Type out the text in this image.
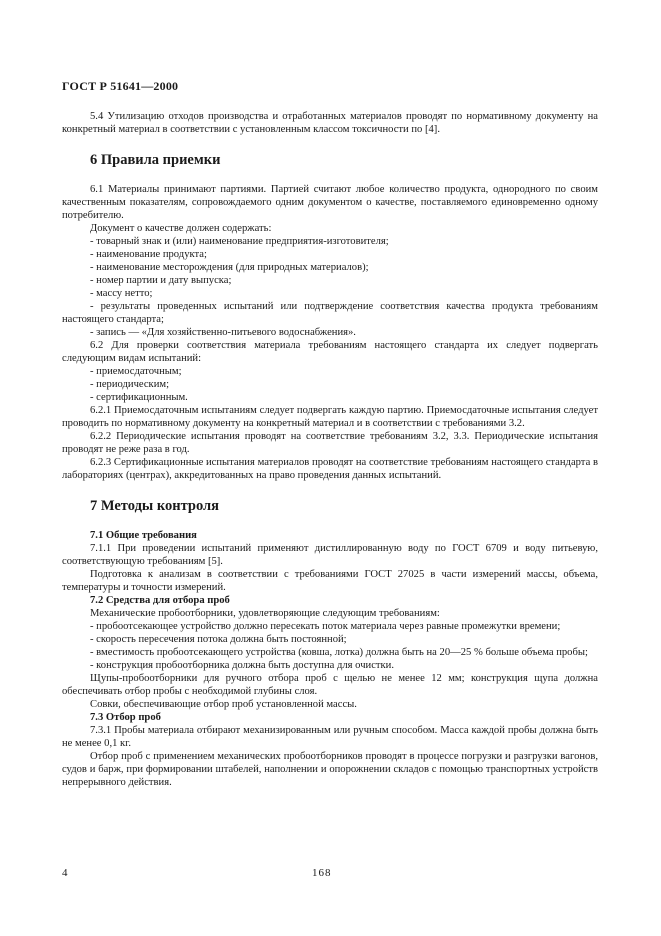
ГОСТ Р 51641—2000

5.4 Утилизацию отходов производства и отработанных материалов проводят по нормативному документу на конкретный материал в соответствии с установленным классом токсичности по [4].

6 Правила приемки

6.1 Материалы принимают партиями. Партией считают любое количество продукта, однородного по своим качественным показателям, сопровождаемого одним документом о качестве, поставляемого единовременно одному потребителю.

Документ о качестве должен содержать:

- товарный знак и (или) наименование предприятия-изготовителя;

- наименование продукта;

- наименование месторождения (для природных материалов);

- номер партии и дату выпуска;

- массу нетто;

- результаты проведенных испытаний или подтверждение соответствия качества продукта требованиям настоящего стандарта;

- запись — «Для хозяйственно-питьевого водоснабжения».

6.2 Для проверки соответствия материала требованиям настоящего стандарта их следует подвергать следующим видам испытаний:

- приемосдаточным;

- периодическим;

- сертификационным.

6.2.1 Приемосдаточным испытаниям следует подвергать каждую партию. Приемосдаточные испытания следует проводить по нормативному документу на конкретный материал и в соответствии с требованиями 3.2.

6.2.2 Периодические испытания проводят на соответствие требованиям 3.2, 3.3. Периодические испытания проводят не реже раза в год.

6.2.3 Сертификационные испытания материалов проводят на соответствие требованиям настоящего стандарта в лабораториях (центрах), аккредитованных на право проведения данных испытаний.

7 Методы контроля

7.1 Общие требования

7.1.1 При проведении испытаний применяют дистиллированную воду по ГОСТ 6709 и воду питьевую, соответствующую требованиям [5].

Подготовка к анализам в соответствии с требованиями ГОСТ 27025 в части измерений массы, объема, температуры и точности измерений.

7.2 Средства для отбора проб

Механические пробоотборники, удовлетворяющие следующим требованиям:

- пробоотсекающее устройство должно пересекать поток материала через равные промежутки времени;

- скорость пересечения потока должна быть постоянной;

- вместимость пробоотсекающего устройства (ковша, лотка) должна быть на 20—25 % больше объема пробы;

- конструкция пробоотборника должна быть доступна для очистки.

Щупы-пробоотборники для ручного отбора проб с щелью не менее 12 мм; конструкция щупа должна обеспечивать отбор пробы с необходимой глубины слоя.

Совки, обеспечивающие отбор проб установленной массы.

7.3 Отбор проб

7.3.1 Пробы материала отбирают механизированным или ручным способом. Масса каждой пробы должна быть не менее 0,1 кг.

Отбор проб с применением механических пробоотборников проводят в процессе погрузки и разгрузки вагонов, судов и барж, при формировании штабелей, наполнении и опорожнении складов с помощью транспортных устройств непрерывного действия.

4	168
